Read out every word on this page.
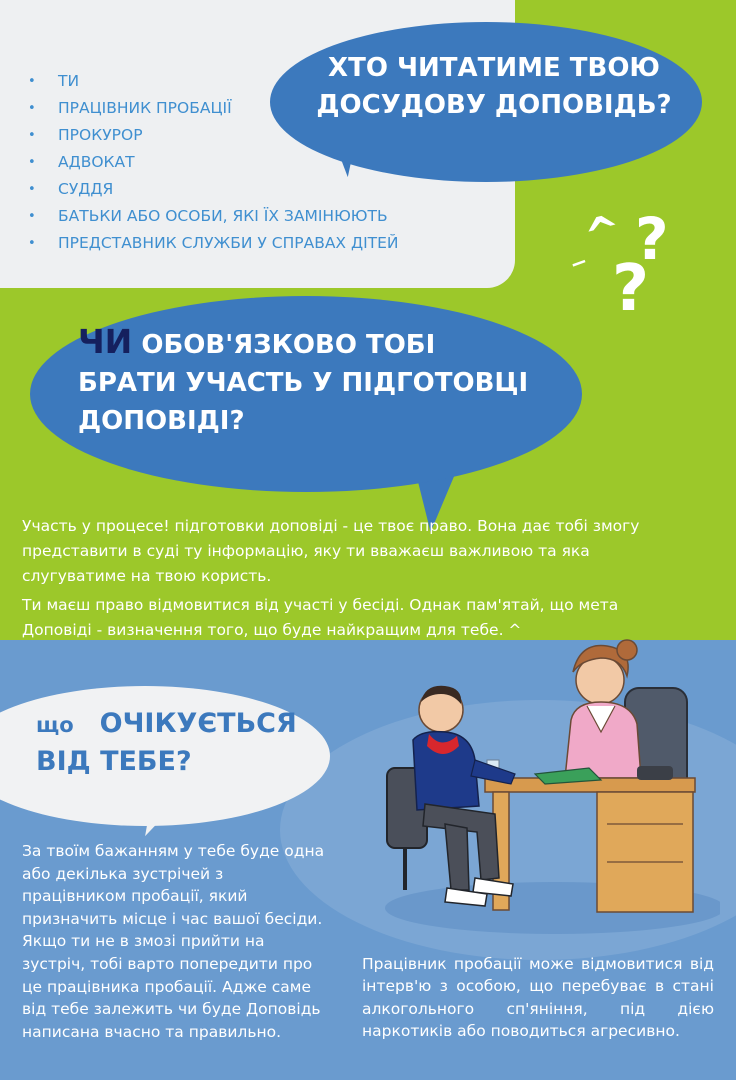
•	ТИ
•	ПРАЦІВНИК ПРОБАЦІЇ
•	ПРОКУРОР
•	АДВОКАТ
•	СУДДЯ
•	БАТЬКИ АБО ОСОБИ, ЯКІ ЇХ ЗАМІНЮЮТЬ
•	ПРЕДСТАВНИК СЛУЖБИ У СПРАВАХ ДІТЕЙ
ХТО ЧИТАТИМЕ ТВОЮ
ДОСУДОВУ ДОПОВІДЬ?
?
?
^
‾
ЧИ ОБОВ'ЯЗКОВО ТОБІ
БРАТИ УЧАСТЬ У ПІДГОТОВЦІ
ДОПОВІДІ?

Участь у процесе! підготовки доповіді - це твоє право. Вона дає тобі змогу представити в суді ту інформацію, яку ти вважаєш важливою та яка слугуватиме на твою користь.

Ти маєш право відмовитися від участі у бесіді. Однак пам'ятай, що мета Доповіді - визначення того, що буде найкращим для тебе. ^

що ОЧІКУЄТЬСЯ
ВІД ТЕБЕ?

За твоїм бажанням у тебе буде одна або декілька зустрічей з працівником пробації, який призначить місце і час вашої бесіди. Якщо ти не в змозі прийти на зустріч, тобі варто попередити про це працівника пробації. Адже саме від тебе залежить чи буде Доповідь написана вчасно та правильно.

Працівник пробації може відмовитися від інтерв'ю з особою, що перебуває в стані алкогольного сп'яніння, під дією наркотиків або поводиться агресивно.
